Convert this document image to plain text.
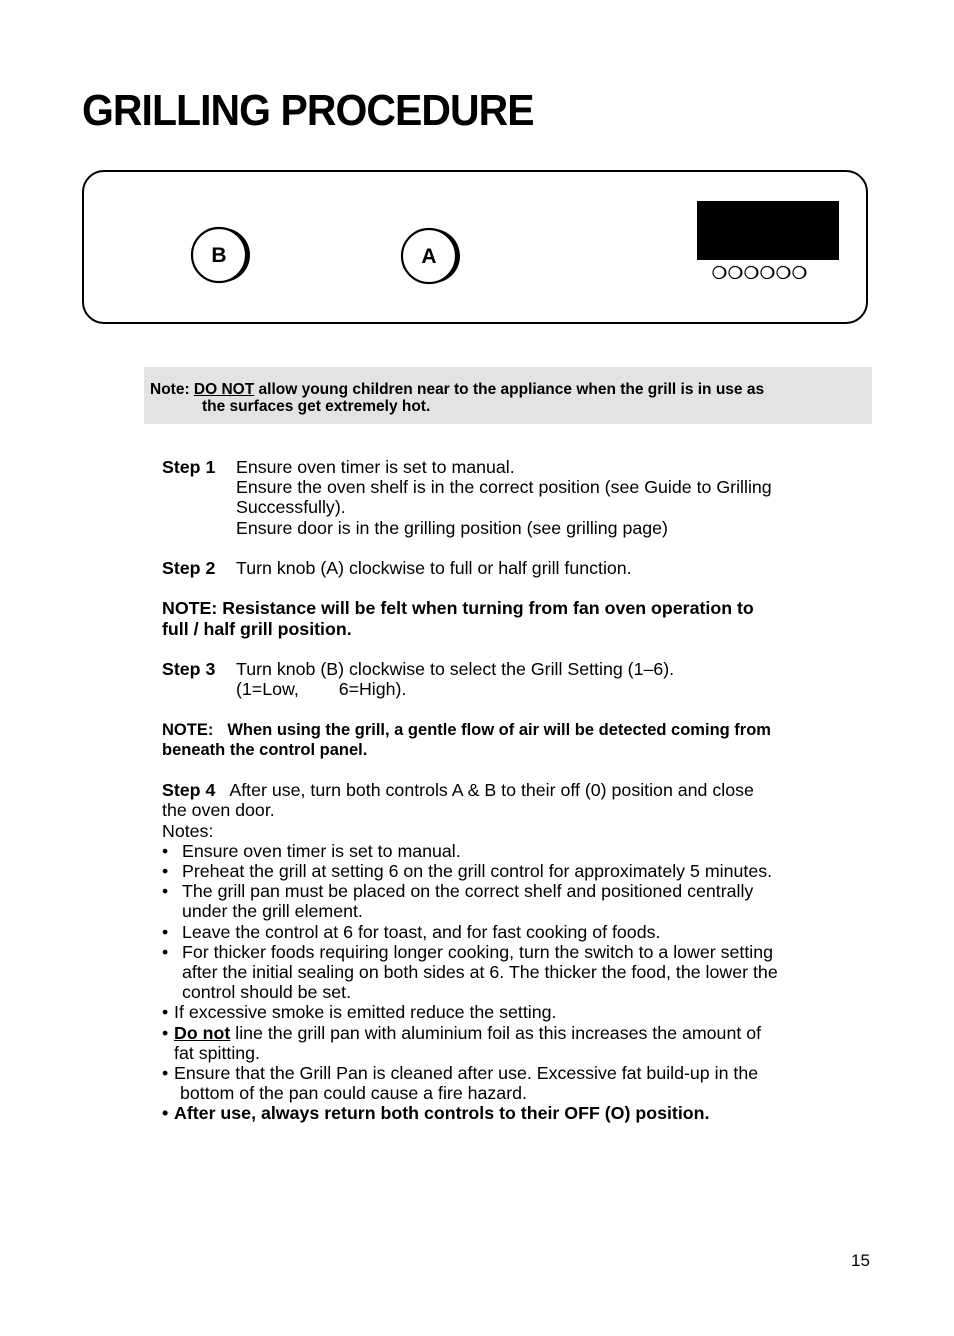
GRILLING PROCEDURE
B	A
Note: DO NOT allow young children near to the appliance when the grill is in use as
the surfaces get extremely hot.
Step 1 Ensure oven timer is set to manual.
Ensure the oven shelf is in the correct position (see Guide to Grilling
Successfully).
Ensure door is in the grilling position (see grilling page)
Step 2 Turn knob (A) clockwise to full or half grill function.
NOTE: Resistance will be felt when turning from fan oven operation to
full / half grill position.
Step 3 Turn knob (B) clockwise to select the Grill Setting (1–6).
(1=Low, 6=High).
NOTE: When using the grill, a gentle flow of air will be detected coming from
beneath the control panel.
Step 4 After use, turn both controls A & B to their off (0) position and close
the oven door.
Notes:
• Ensure oven timer is set to manual.
• Preheat the grill at setting 6 on the grill control for approximately 5 minutes.
• The grill pan must be placed on the correct shelf and positioned centrally
under the grill element.
• Leave the control at 6 for toast, and for fast cooking of foods.
• For thicker foods requiring longer cooking, turn the switch to a lower setting
after the initial sealing on both sides at 6. The thicker the food, the lower the
control should be set.
• If excessive smoke is emitted reduce the setting.
• Do not line the grill pan with aluminium foil as this increases the amount of
fat spitting.
• Ensure that the Grill Pan is cleaned after use. Excessive fat build-up in the
bottom of the pan could cause a fire hazard.
• After use, always return both controls to their OFF (O) position.
15
